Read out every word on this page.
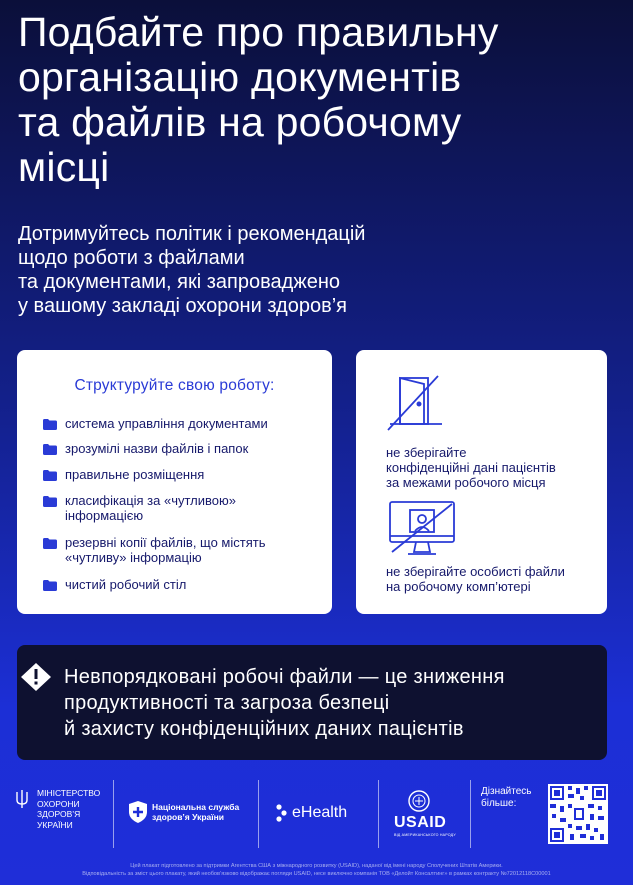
Подбайте про правильну
організацію документів
та файлів на робочому
місці
Дотримуйтесь політик і рекомендацій
щодо роботи з файлами
та документами, які запроваджено
у вашому закладі охорони здоров’я
Структуруйте свою роботу:
система управління документами
зрозумілі назви файлів і папок
правильне розміщення
класифікація за «чутливою»
інформацією
резервні копії файлів, що містять
«чутливу» інформацію
чистий робочий стіл
не зберігайте
конфіденційні дані пацієнтів
за межами робочого місця
не зберігайте особисті файли
на робочому комп’ютері
Невпорядковані робочі файли — це зниження
продуктивності та загроза безпеці
й захисту конфіденційних даних пацієнтів
МІНІСТЕРСТВО
ОХОРОНИ
ЗДОРОВ’Я
УКРАЇНИ
Національна служба
здоров’я України	eHealth
USAID
ВІД АМЕРИКАНСЬКОГО НАРОДУ
Дізнайтесь
більше:
Цей плакат підготовлено за підтримки Агентства США з міжнародного розвитку (USAID), наданої від імені народу Сполучених Штатів Америки.
Відповідальність за зміст цього плакату, який необов’язково відображає погляди USAID, несе виключно компанія ТОВ «Делойт Консалтинг» в рамках контракту №72012118C00001
